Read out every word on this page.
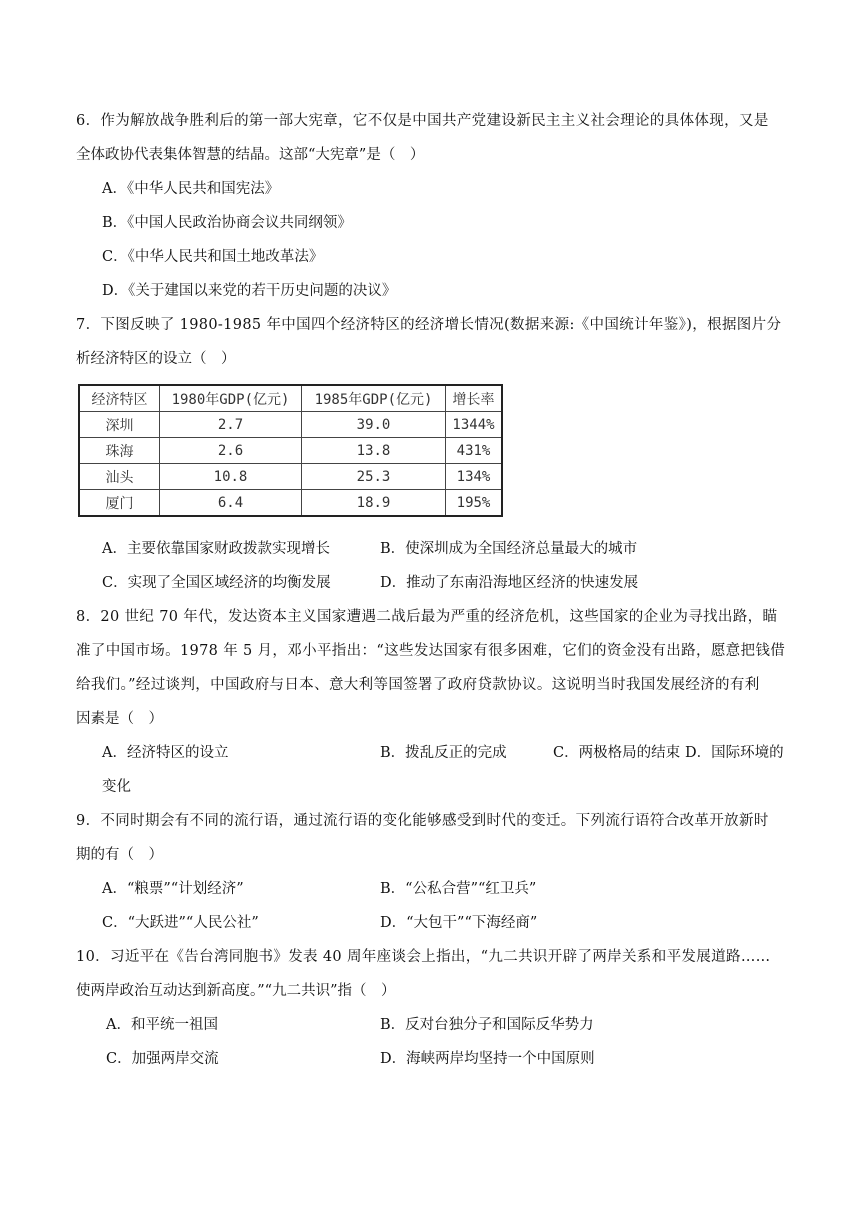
6．作为解放战争胜利后的第一部大宪章，它不仅是中国共产党建设新民主主义社会理论的具体体现，又是
全体政协代表集体智慧的结晶。这部“大宪章”是（　）
A．《中华人民共和国宪法》
B．《中国人民政治协商会议共同纲领》
C．《中华人民共和国土地改革法》
D．《关于建国以来党的若干历史问题的决议》
7．下图反映了 1980-1985 年中国四个经济特区的经济增长情况(数据来源:《中国统计年鉴》)，根据图片分
析经济特区的设立（　）
经济特区	1980年GDP(亿元)	1985年GDP(亿元)	增长率
深圳	2.7	39.0	1344%
珠海	2.6	13.8	431%
汕头	10.8	25.3	134%
厦门	6.4	18.9	195%
A．主要依靠国家财政拨款实现增长	B．使深圳成为全国经济总量最大的城市
C．实现了全国区域经济的均衡发展	D．推动了东南沿海地区经济的快速发展
8．20 世纪 70 年代，发达资本主义国家遭遇二战后最为严重的经济危机，这些国家的企业为寻找出路，瞄
准了中国市场。1978 年 5 月，邓小平指出：“这些发达国家有很多困难，它们的资金没有出路，愿意把钱借
给我们。”经过谈判，中国政府与日本、意大利等国签署了政府贷款协议。这说明当时我国发展经济的有利
因素是（　）
A．经济特区的设立	B．拨乱反正的完成	C．两极格局的结束 D．国际环境的
变化
9．不同时期会有不同的流行语，通过流行语的变化能够感受到时代的变迁。下列流行语符合改革开放新时
期的有（　）
A．“粮票”“计划经济”	B．“公私合营”“红卫兵”
C．“大跃进”“人民公社”	D．“大包干”“下海经商”
10．习近平在《告台湾同胞书》发表 40 周年座谈会上指出，“九二共识开辟了两岸关系和平发展道路……
使两岸政治互动达到新高度。”“九二共识”指（　）
A．和平统一祖国	B．反对台独分子和国际反华势力
C．加强两岸交流	D．海峡两岸均坚持一个中国原则
